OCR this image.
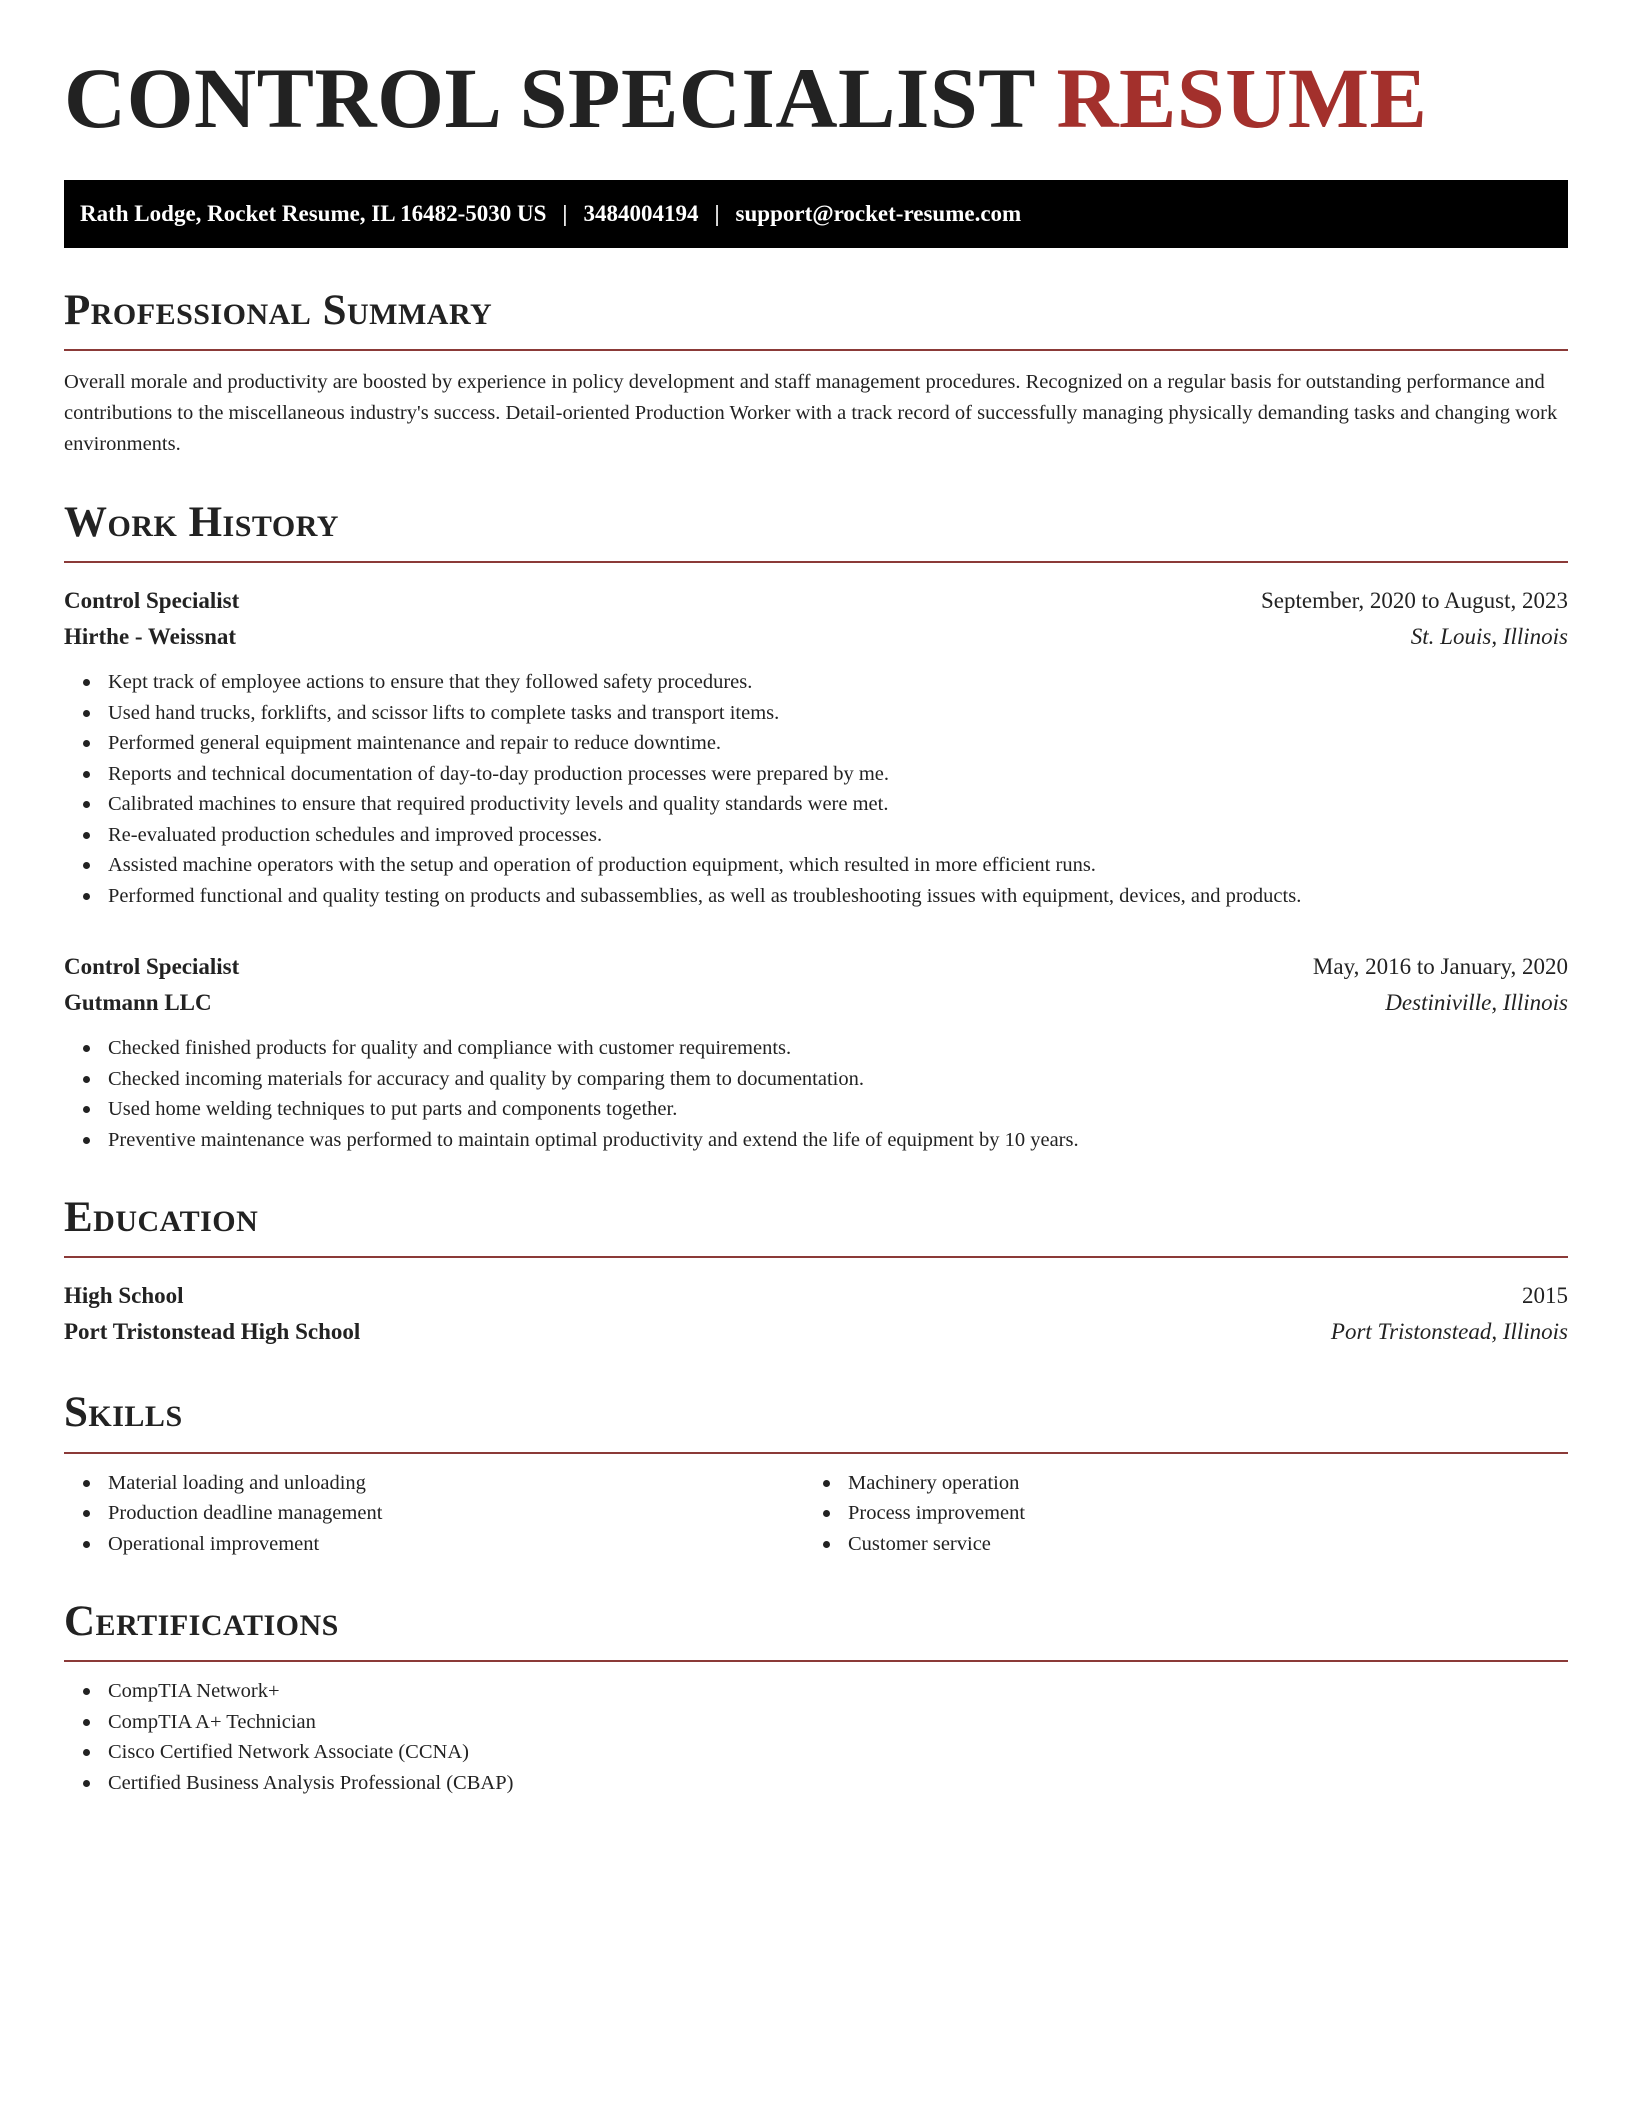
CONTROL SPECIALIST RESUME
Rath Lodge, Rocket Resume, IL 16482-5030 US | 3484004194 | support@rocket-resume.com
Professional Summary

Overall morale and productivity are boosted by experience in policy development and staff management procedures. Recognized on a regular basis for outstanding performance and contributions to the miscellaneous industry's success. Detail-oriented Production Worker with a track record of successfully managing physically demanding tasks and changing work environments.

Work History
Control Specialist	September, 2020 to August, 2023
Hirthe - Weissnat	St. Louis, Illinois
Kept track of employee actions to ensure that they followed safety procedures.
Used hand trucks, forklifts, and scissor lifts to complete tasks and transport items.
Performed general equipment maintenance and repair to reduce downtime.
Reports and technical documentation of day-to-day production processes were prepared by me.
Calibrated machines to ensure that required productivity levels and quality standards were met.
Re-evaluated production schedules and improved processes.
Assisted machine operators with the setup and operation of production equipment, which resulted in more efficient runs.
Performed functional and quality testing on products and subassemblies, as well as troubleshooting issues with equipment, devices, and products.
Control Specialist	May, 2016 to January, 2020
Gutmann LLC	Destiniville, Illinois
Checked finished products for quality and compliance with customer requirements.
Checked incoming materials for accuracy and quality by comparing them to documentation.
Used home welding techniques to put parts and components together.
Preventive maintenance was performed to maintain optimal productivity and extend the life of equipment by 10 years.
Education
High School	2015
Port Tristonstead High School	Port Tristonstead, Illinois
Skills
Material loading and unloading
Production deadline management
Operational improvement
Machinery operation
Process improvement
Customer service
Certifications
CompTIA Network+
CompTIA A+ Technician
Cisco Certified Network Associate (CCNA)
Certified Business Analysis Professional (CBAP)
